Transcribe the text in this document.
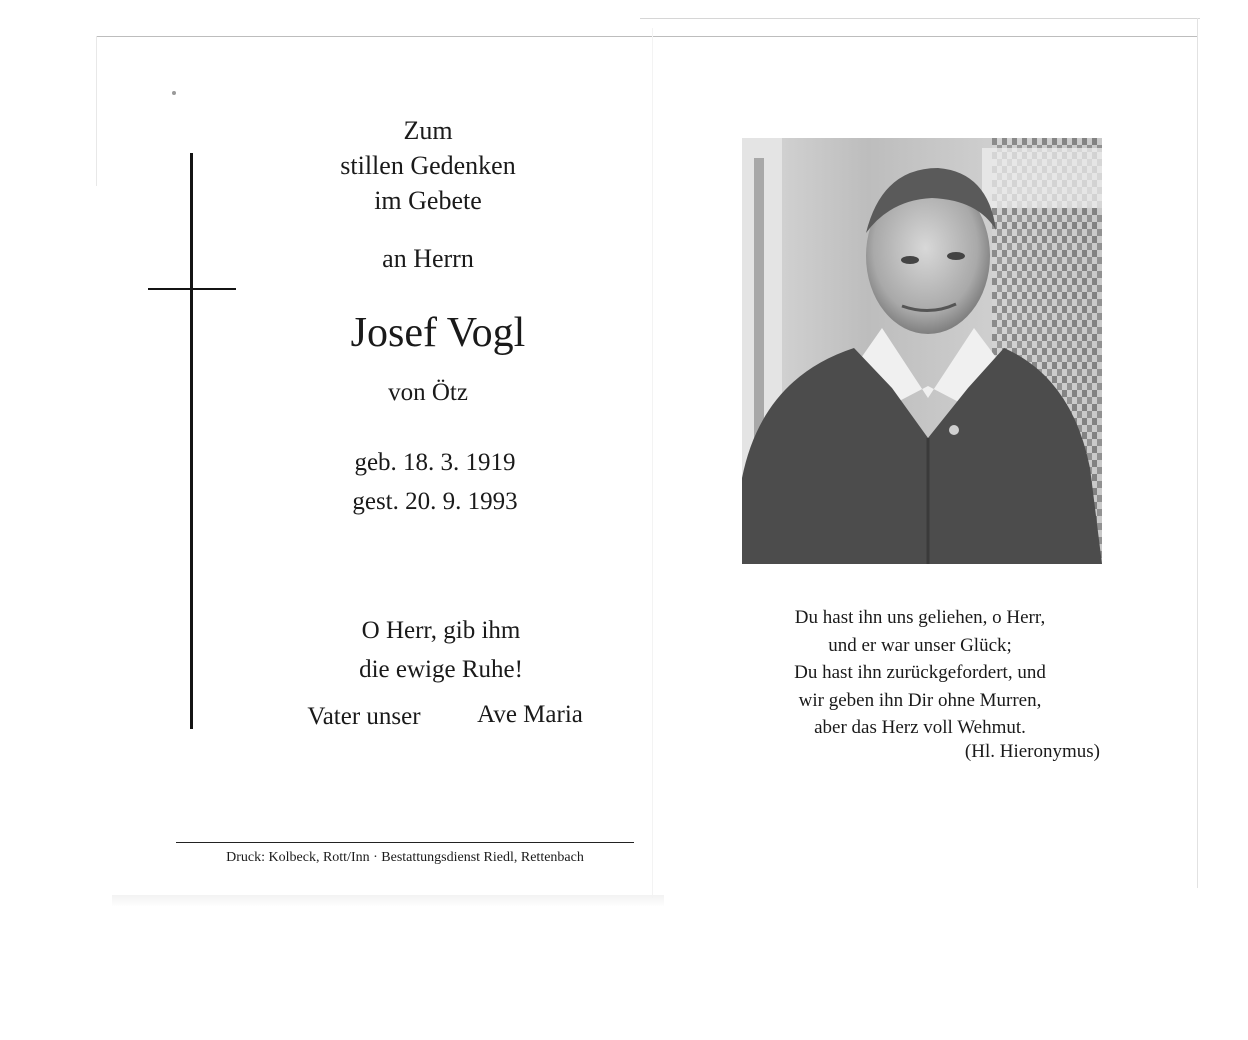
Zum
stillen Gedenken
im Gebete
an Herrn
Josef Vogl
von Ötz
geb. 18. 3. 1919
gest. 20. 9. 1993
O Herr, gib ihm
die ewige Ruhe!
Vater unser	Ave Maria
Druck: Kolbeck, Rott/Inn · Bestattungsdienst Riedl, Rettenbach
Du hast ihn uns geliehen, o Herr,
und er war unser Glück;
Du hast ihn zurückgefordert, und
wir geben ihn Dir ohne Murren,
aber das Herz voll Wehmut.
(Hl. Hieronymus)
